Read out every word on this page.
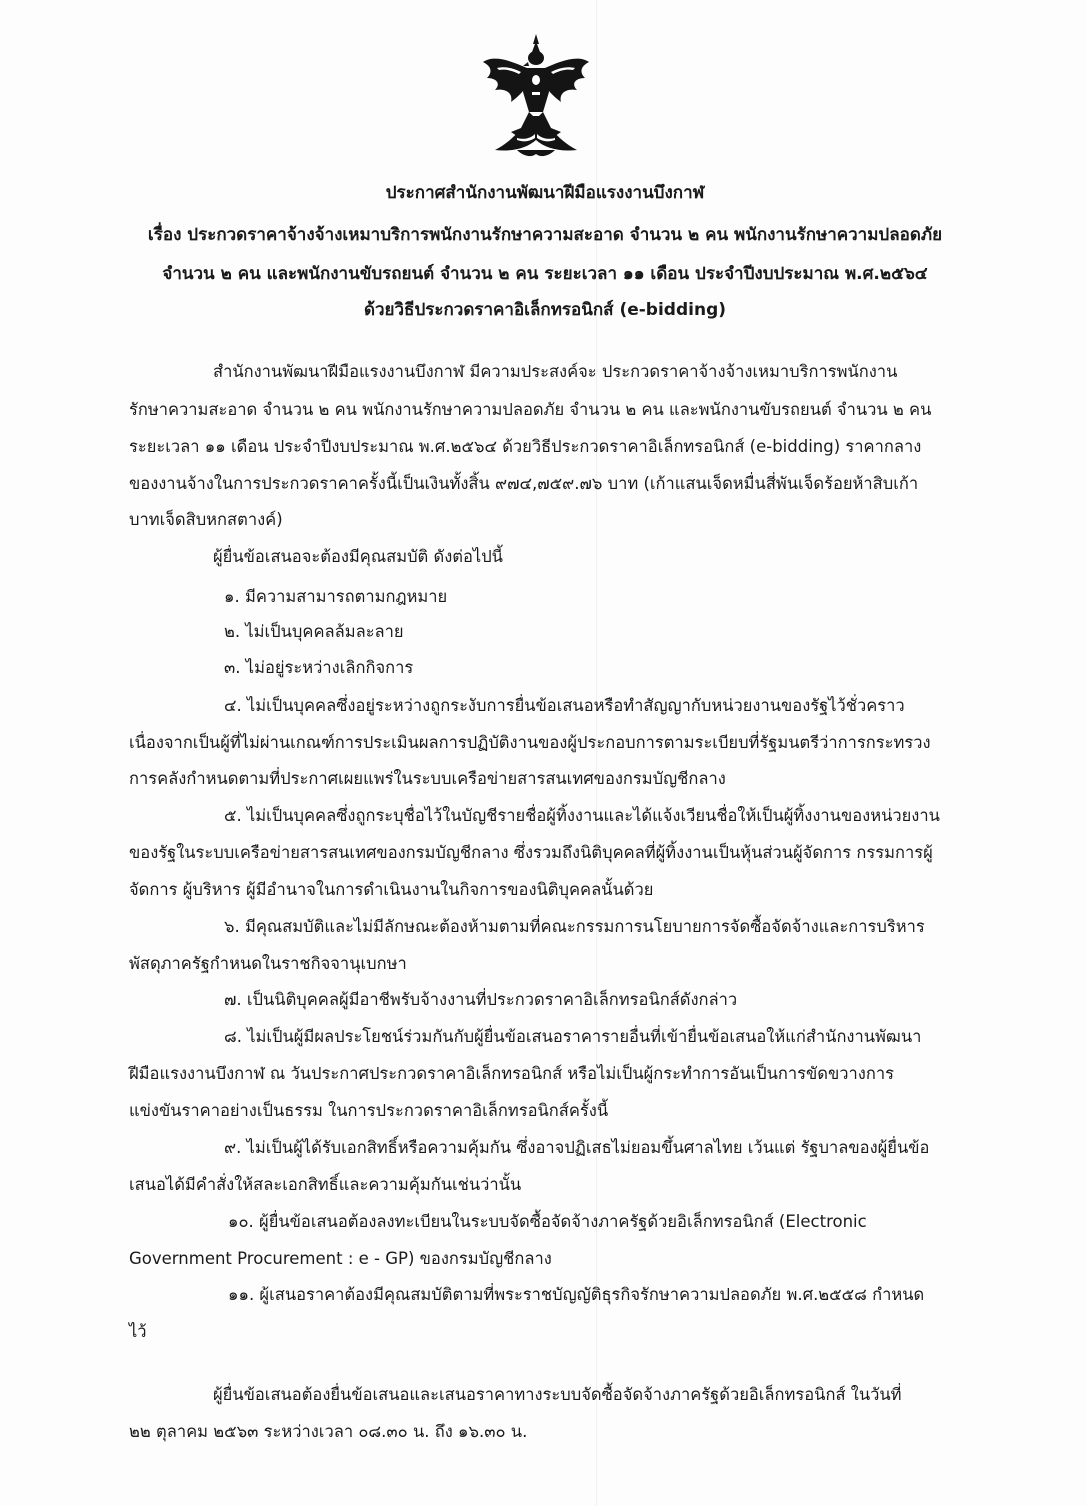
ประกาศสำนักงานพัฒนาฝีมือแรงงานบึงกาฬ
เรื่อง ประกวดราคาจ้างจ้างเหมาบริการพนักงานรักษาความสะอาด จำนวน ๒ คน พนักงานรักษาความปลอดภัย
จำนวน ๒ คน และพนักงานขับรถยนต์ จำนวน ๒ คน ระยะเวลา ๑๑ เดือน ประจำปีงบประมาณ พ.ศ.๒๕๖๔
ด้วยวิธีประกวดราคาอิเล็กทรอนิกส์ (e-bidding)
สำนักงานพัฒนาฝีมือแรงงานบึงกาฬ มีความประสงค์จะ ประกวดราคาจ้างจ้างเหมาบริการพนักงาน
รักษาความสะอาด จำนวน ๒ คน พนักงานรักษาความปลอดภัย จำนวน ๒ คน และพนักงานขับรถยนต์ จำนวน ๒ คน
ระยะเวลา ๑๑ เดือน ประจำปีงบประมาณ พ.ศ.๒๕๖๔ ด้วยวิธีประกวดราคาอิเล็กทรอนิกส์ (e-bidding) ราคากลาง
ของงานจ้างในการประกวดราคาครั้งนี้เป็นเงินทั้งสิ้น ๙๗๔,๗๕๙.๗๖ บาท (เก้าแสนเจ็ดหมื่นสี่พันเจ็ดร้อยห้าสิบเก้า
บาทเจ็ดสิบหกสตางค์)
ผู้ยื่นข้อเสนอจะต้องมีคุณสมบัติ ดังต่อไปนี้
๑. มีความสามารถตามกฎหมาย
๒. ไม่เป็นบุคคลล้มละลาย
๓. ไม่อยู่ระหว่างเลิกกิจการ
๔. ไม่เป็นบุคคลซึ่งอยู่ระหว่างถูกระงับการยื่นข้อเสนอหรือทำสัญญากับหน่วยงานของรัฐไว้ชั่วคราว
เนื่องจากเป็นผู้ที่ไม่ผ่านเกณฑ์การประเมินผลการปฏิบัติงานของผู้ประกอบการตามระเบียบที่รัฐมนตรีว่าการกระทรวง
การคลังกำหนดตามที่ประกาศเผยแพร่ในระบบเครือข่ายสารสนเทศของกรมบัญชีกลาง
๕. ไม่เป็นบุคคลซึ่งถูกระบุชื่อไว้ในบัญชีรายชื่อผู้ทิ้งงานและได้แจ้งเวียนชื่อให้เป็นผู้ทิ้งงานของหน่วยงาน
ของรัฐในระบบเครือข่ายสารสนเทศของกรมบัญชีกลาง ซึ่งรวมถึงนิติบุคคลที่ผู้ทิ้งงานเป็นหุ้นส่วนผู้จัดการ กรรมการผู้
จัดการ ผู้บริหาร ผู้มีอำนาจในการดำเนินงานในกิจการของนิติบุคคลนั้นด้วย
๖. มีคุณสมบัติและไม่มีลักษณะต้องห้ามตามที่คณะกรรมการนโยบายการจัดซื้อจัดจ้างและการบริหาร
พัสดุภาครัฐกำหนดในราชกิจจานุเบกษา
๗. เป็นนิติบุคคลผู้มีอาชีพรับจ้างงานที่ประกวดราคาอิเล็กทรอนิกส์ดังกล่าว
๘. ไม่เป็นผู้มีผลประโยชน์ร่วมกันกับผู้ยื่นข้อเสนอราคารายอื่นที่เข้ายื่นข้อเสนอให้แก่สำนักงานพัฒนา
ฝีมือแรงงานบึงกาฬ ณ วันประกาศประกวดราคาอิเล็กทรอนิกส์ หรือไม่เป็นผู้กระทำการอันเป็นการขัดขวางการ
แข่งขันราคาอย่างเป็นธรรม ในการประกวดราคาอิเล็กทรอนิกส์ครั้งนี้
๙. ไม่เป็นผู้ได้รับเอกสิทธิ์หรือความคุ้มกัน ซึ่งอาจปฏิเสธไม่ยอมขึ้นศาลไทย เว้นแต่ รัฐบาลของผู้ยื่นข้อ
เสนอได้มีคำสั่งให้สละเอกสิทธิ์และความคุ้มกันเช่นว่านั้น
๑๐. ผู้ยื่นข้อเสนอต้องลงทะเบียนในระบบจัดซื้อจัดจ้างภาครัฐด้วยอิเล็กทรอนิกส์ (Electronic
Government Procurement : e - GP) ของกรมบัญชีกลาง
๑๑. ผู้เสนอราคาต้องมีคุณสมบัติตามที่พระราชบัญญัติธุรกิจรักษาความปลอดภัย พ.ศ.๒๕๕๘ กำหนด
ไว้
ผู้ยื่นข้อเสนอต้องยื่นข้อเสนอและเสนอราคาทางระบบจัดซื้อจัดจ้างภาครัฐด้วยอิเล็กทรอนิกส์ ในวันที่
๒๒ ตุลาคม ๒๕๖๓ ระหว่างเวลา ๐๘.๓๐ น. ถึง ๑๖.๓๐ น.
